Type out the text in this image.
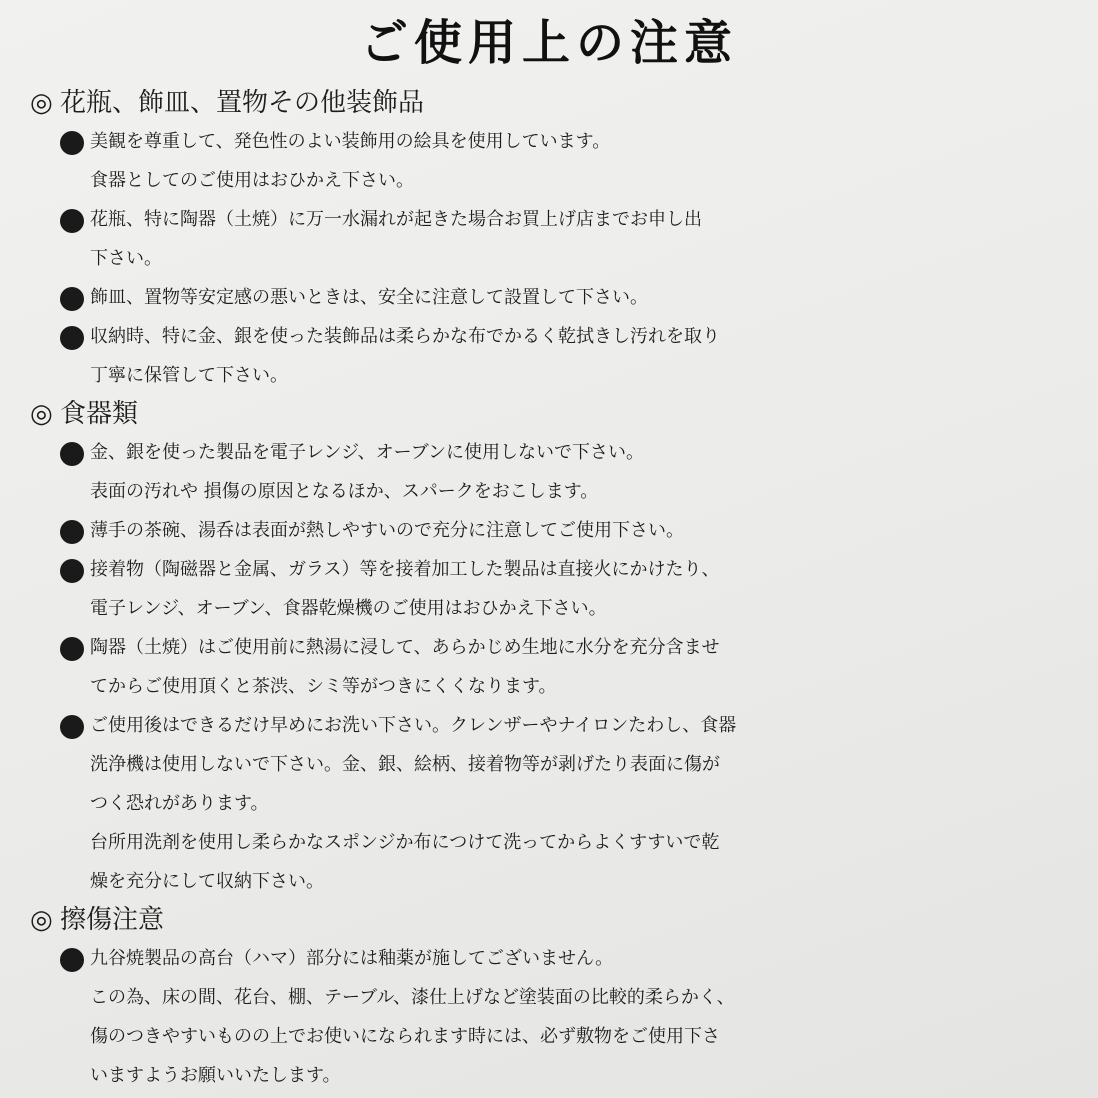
ご使用上の注意
◎ 花瓶、飾皿、置物その他装飾品
美観を尊重して、発色性のよい装飾用の絵具を使用しています。
食器としてのご使用はおひかえ下さい。
花瓶、特に陶器（土焼）に万一水漏れが起きた場合お買上げ店までお申し出
下さい。
飾皿、置物等安定感の悪いときは、安全に注意して設置して下さい。
収納時、特に金、銀を使った装飾品は柔らかな布でかるく乾拭きし汚れを取り
丁寧に保管して下さい。
◎ 食器類
金、銀を使った製品を電子レンジ、オーブンに使用しないで下さい。
表面の汚れや 損傷の原因となるほか、スパークをおこします。
薄手の茶碗、湯呑は表面が熱しやすいので充分に注意してご使用下さい。
接着物（陶磁器と金属、ガラス）等を接着加工した製品は直接火にかけたり、
電子レンジ、オーブン、食器乾燥機のご使用はおひかえ下さい。
陶器（土焼）はご使用前に熱湯に浸して、あらかじめ生地に水分を充分含ませ
てからご使用頂くと茶渋、シミ等がつきにくくなります。
ご使用後はできるだけ早めにお洗い下さい。クレンザーやナイロンたわし、食器
洗浄機は使用しないで下さい。金、銀、絵柄、接着物等が剥げたり表面に傷が
つく恐れがあります。
台所用洗剤を使用し柔らかなスポンジか布につけて洗ってからよくすすいで乾
燥を充分にして収納下さい。
◎ 擦傷注意
九谷焼製品の高台（ハマ）部分には釉薬が施してございません。
この為、床の間、花台、棚、テーブル、漆仕上げなど塗装面の比較的柔らかく、
傷のつきやすいものの上でお使いになられます時には、必ず敷物をご使用下さ
いますようお願いいたします。
